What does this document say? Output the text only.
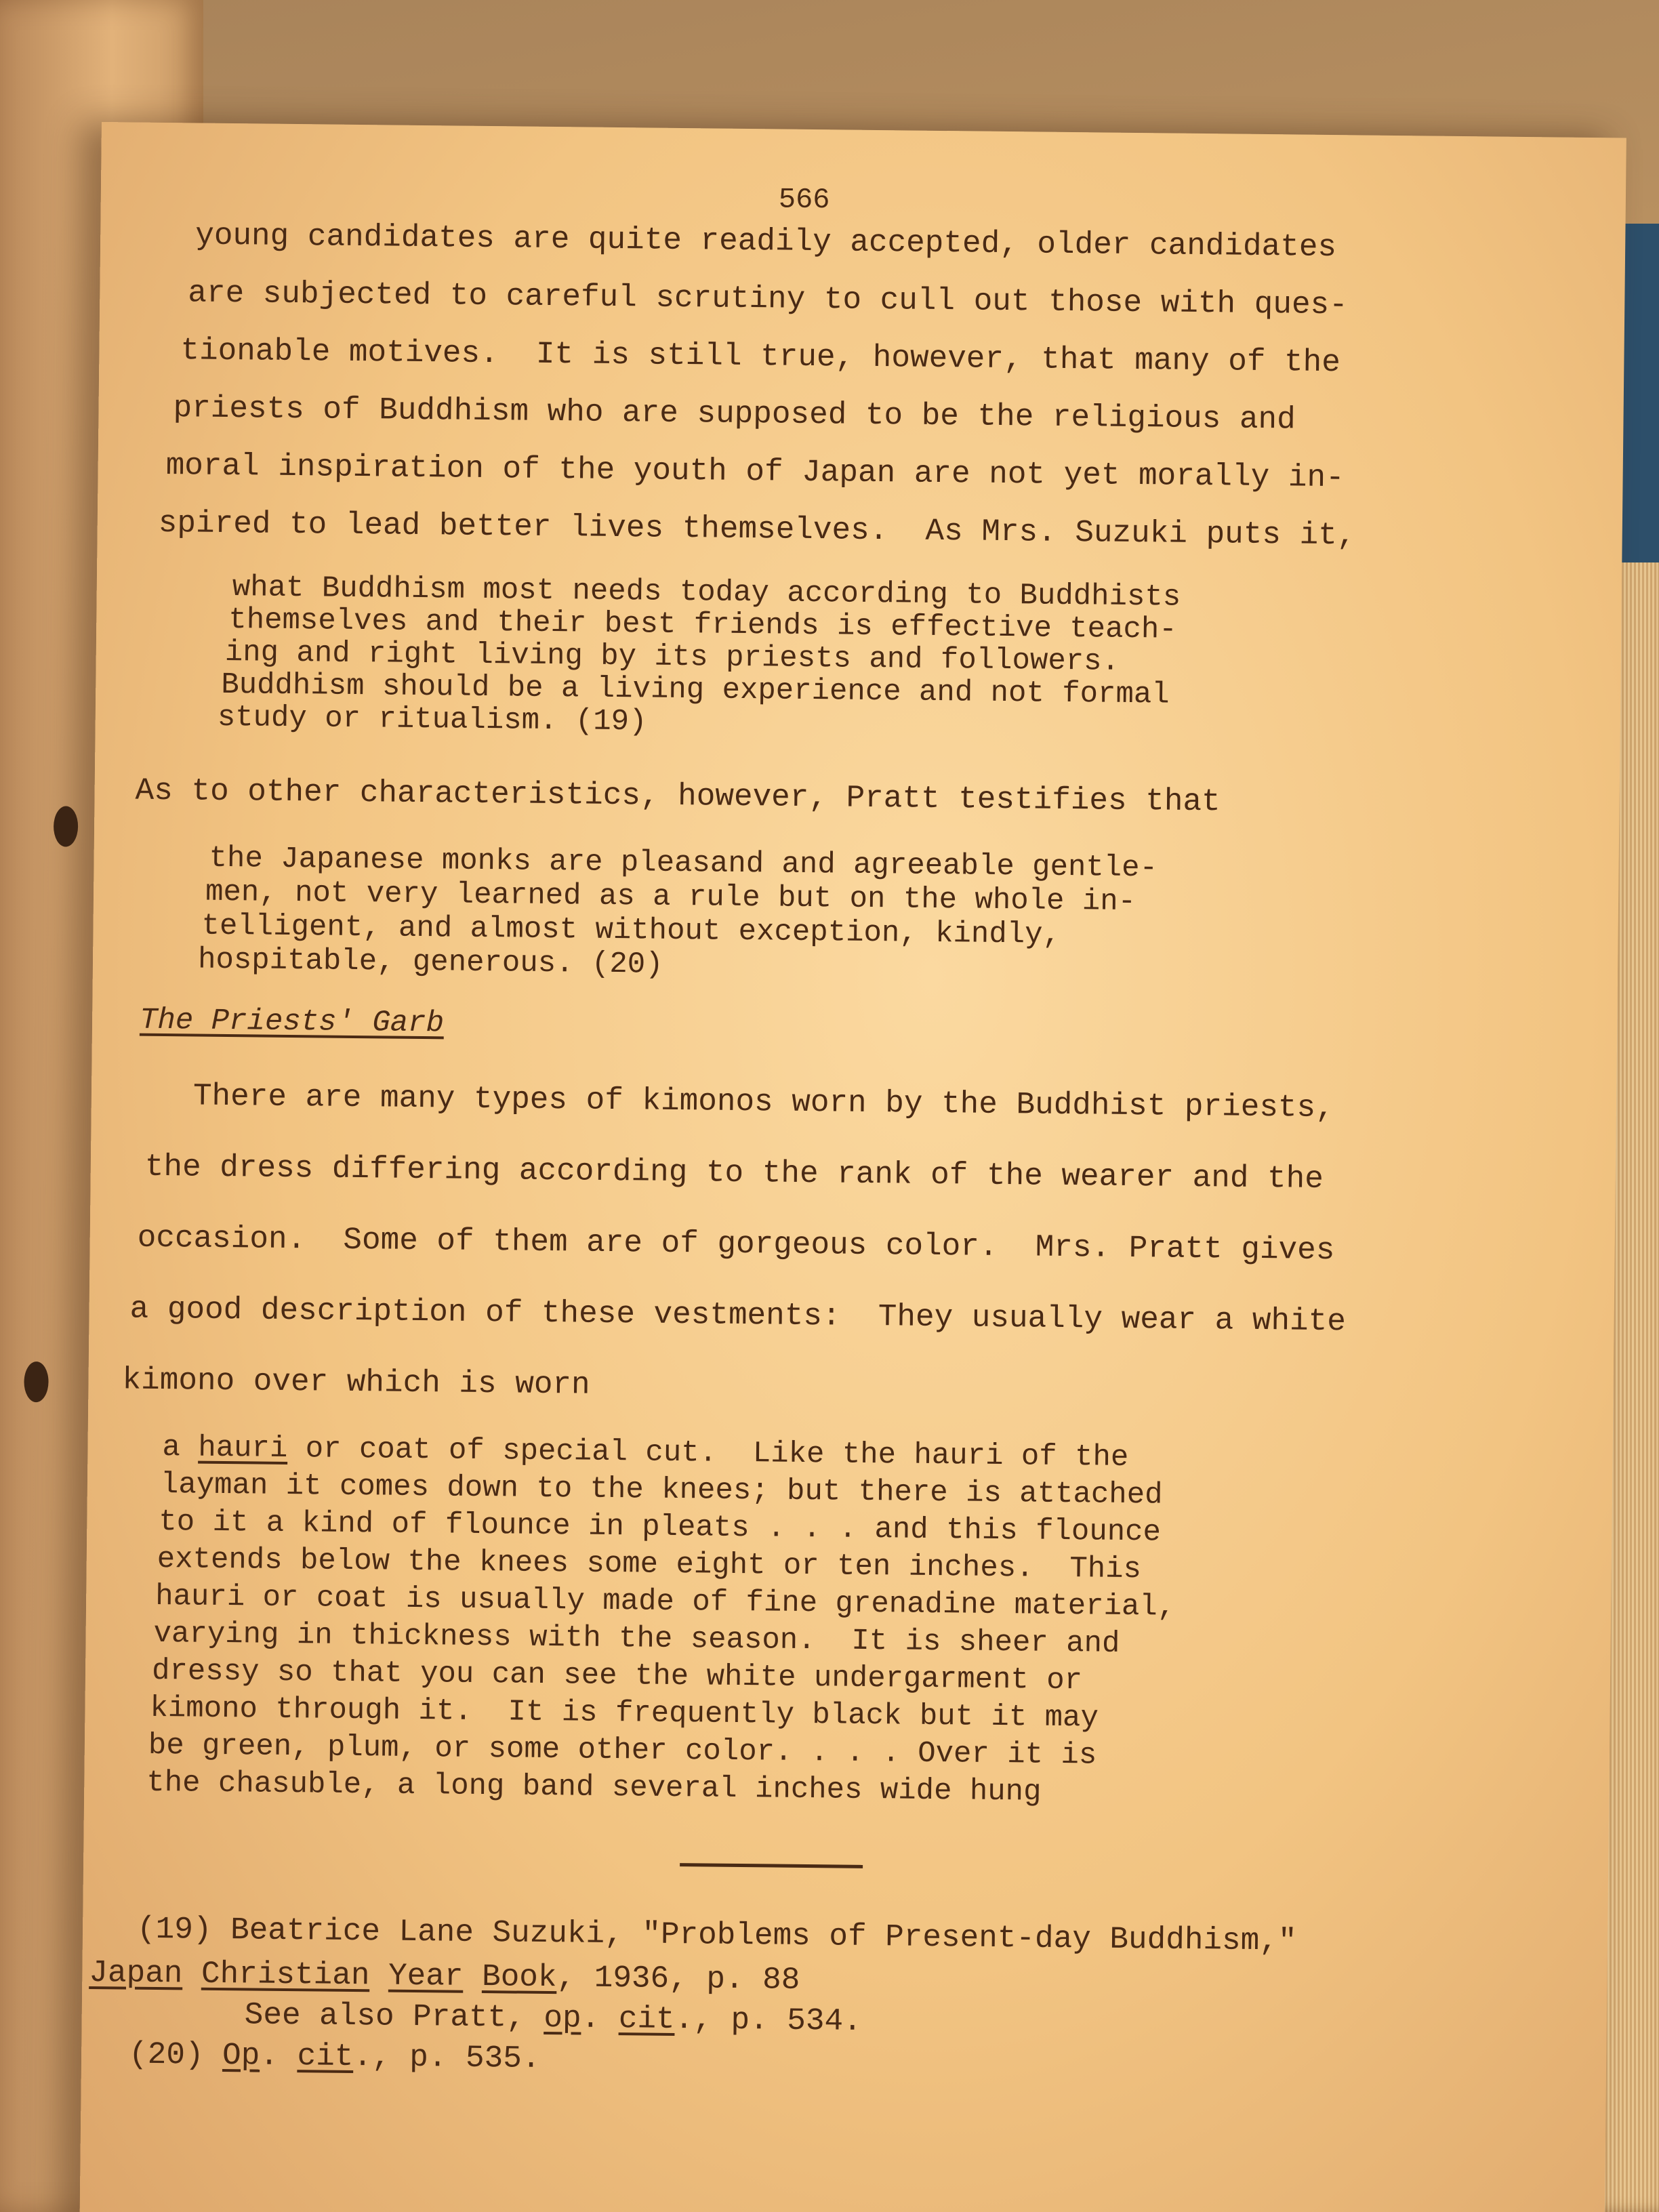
566
young candidates are quite readily accepted, older candidates
are subjected to careful scrutiny to cull out those with ques-
tionable motives.  It is still true, however, that many of the
priests of Buddhism who are supposed to be the religious and
moral inspiration of the youth of Japan are not yet morally in-
spired to lead better lives themselves.  As Mrs. Suzuki puts it,
what Buddhism most needs today according to Buddhists
themselves and their best friends is effective teach-
ing and right living by its priests and followers.
Buddhism should be a living experience and not formal
study or ritualism. (19)
As to other characteristics, however, Pratt testifies that
the Japanese monks are pleasand and agreeable gentle-
men, not very learned as a rule but on the whole in-
telligent, and almost without exception, kindly,
hospitable, generous. (20)
The Priests' Garb
There are many types of kimonos worn by the Buddhist priests,
the dress differing according to the rank of the wearer and the
occasion.  Some of them are of gorgeous color.  Mrs. Pratt gives
a good description of these vestments:  They usually wear a white
kimono over which is worn
a hauri or coat of special cut.  Like the hauri of the
layman it comes down to the knees; but there is attached
to it a kind of flounce in pleats . . . and this flounce
extends below the knees some eight or ten inches.  This
hauri or coat is usually made of fine grenadine material,
varying in thickness with the season.  It is sheer and
dressy so that you can see the white undergarment or
kimono through it.  It is frequently black but it may
be green, plum, or some other color. . . . Over it is
the chasuble, a long band several inches wide hung
(19) Beatrice Lane Suzuki, "Problems of Present-day Buddhism,"
Japan Christian Year Book, 1936, p. 88
See also Pratt, op. cit., p. 534.
(20) Op. cit., p. 535.
